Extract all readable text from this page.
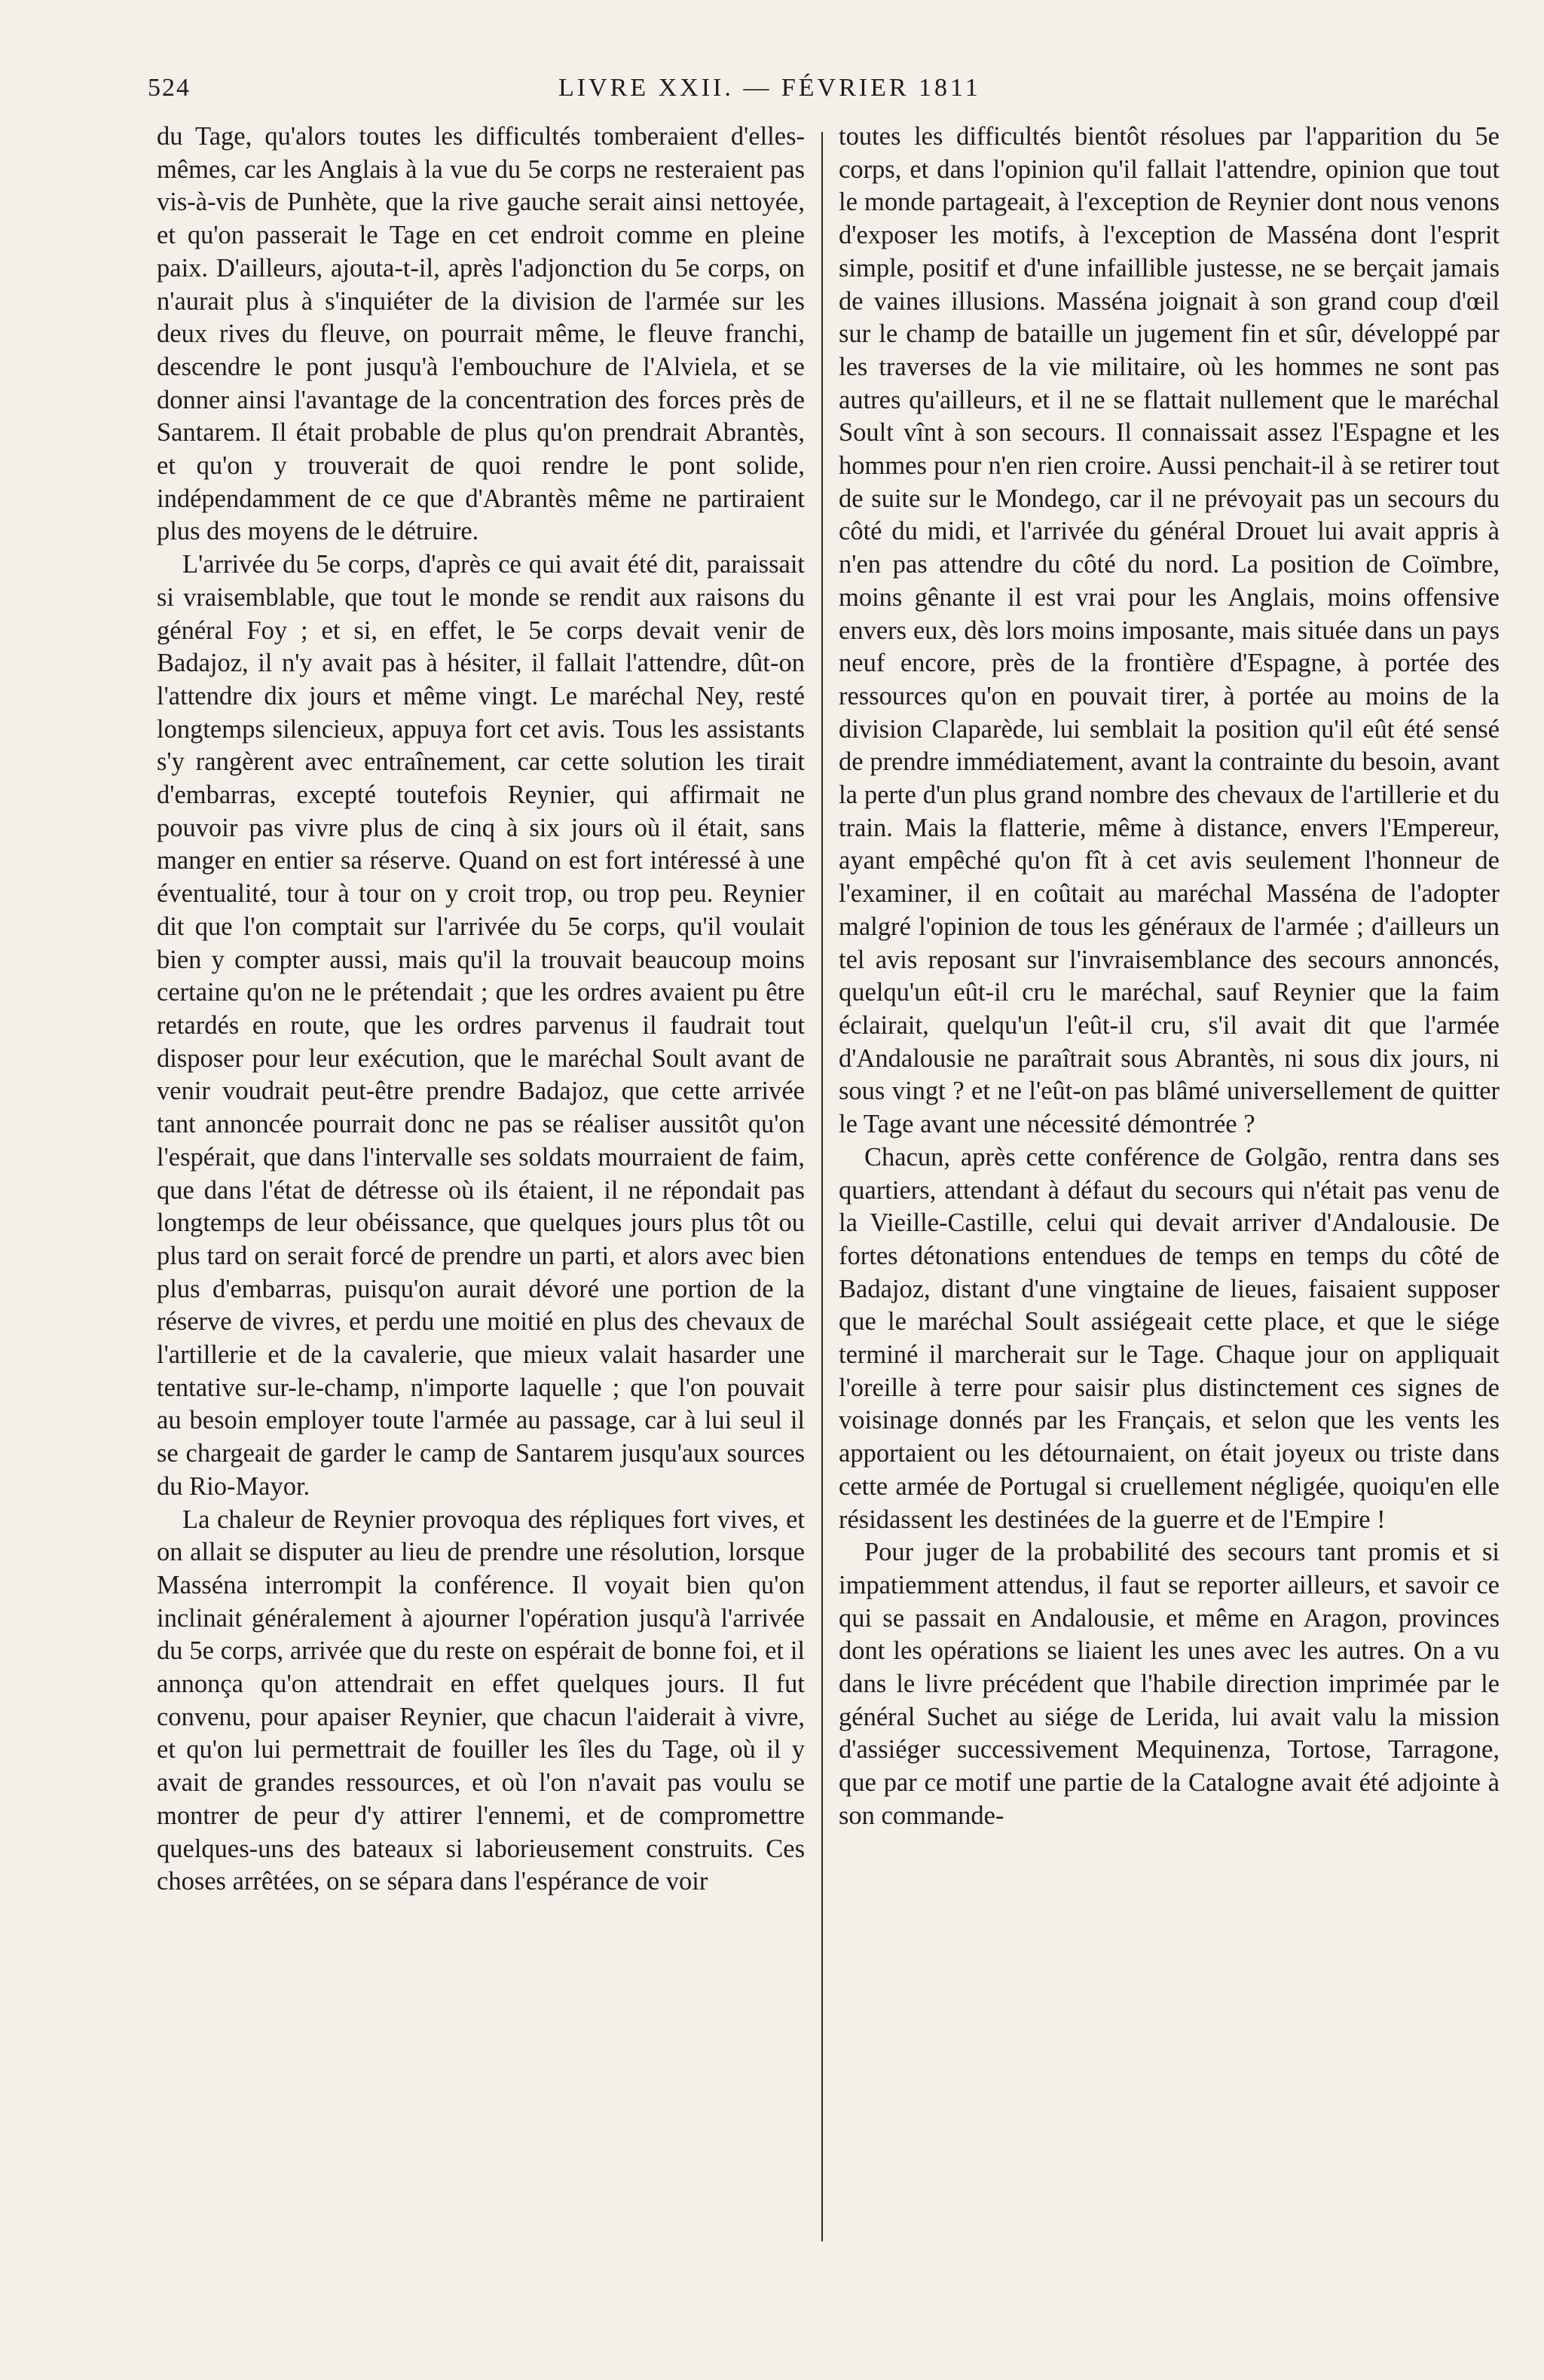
524	LIVRE XXII. — FÉVRIER 1811

du Tage, qu'alors toutes les difficultés tomberaient d'elles-mêmes, car les Anglais à la vue du 5e corps ne resteraient pas vis-à-vis de Punhète, que la rive gauche serait ainsi nettoyée, et qu'on passerait le Tage en cet endroit comme en pleine paix. D'ailleurs, ajouta-t-il, après l'adjonction du 5e corps, on n'aurait plus à s'inquiéter de la division de l'armée sur les deux rives du fleuve, on pourrait même, le fleuve franchi, descendre le pont jusqu'à l'embouchure de l'Alviela, et se donner ainsi l'avantage de la concentration des forces près de Santarem. Il était probable de plus qu'on prendrait Abrantès, et qu'on y trouverait de quoi rendre le pont solide, indépendamment de ce que d'Abrantès même ne partiraient plus des moyens de le détruire.

L'arrivée du 5e corps, d'après ce qui avait été dit, paraissait si vraisemblable, que tout le monde se rendit aux raisons du général Foy ; et si, en effet, le 5e corps devait venir de Badajoz, il n'y avait pas à hésiter, il fallait l'attendre, dût-on l'attendre dix jours et même vingt. Le maréchal Ney, resté longtemps silencieux, appuya fort cet avis. Tous les assistants s'y rangèrent avec entraînement, car cette solution les tirait d'embarras, excepté toutefois Reynier, qui affirmait ne pouvoir pas vivre plus de cinq à six jours où il était, sans manger en entier sa réserve. Quand on est fort intéressé à une éventualité, tour à tour on y croit trop, ou trop peu. Reynier dit que l'on comptait sur l'arrivée du 5e corps, qu'il voulait bien y compter aussi, mais qu'il la trouvait beaucoup moins certaine qu'on ne le prétendait ; que les ordres avaient pu être retardés en route, que les ordres parvenus il faudrait tout disposer pour leur exécution, que le maréchal Soult avant de venir voudrait peut-être prendre Badajoz, que cette arrivée tant annoncée pourrait donc ne pas se réaliser aussitôt qu'on l'espérait, que dans l'intervalle ses soldats mourraient de faim, que dans l'état de détresse où ils étaient, il ne répondait pas longtemps de leur obéissance, que quelques jours plus tôt ou plus tard on serait forcé de prendre un parti, et alors avec bien plus d'embarras, puisqu'on aurait dévoré une portion de la réserve de vivres, et perdu une moitié en plus des chevaux de l'artillerie et de la cavalerie, que mieux valait hasarder une tentative sur-le-champ, n'importe laquelle ; que l'on pouvait au besoin employer toute l'armée au passage, car à lui seul il se chargeait de garder le camp de Santarem jusqu'aux sources du Rio-Mayor.

La chaleur de Reynier provoqua des répliques fort vives, et on allait se disputer au lieu de prendre une résolution, lorsque Masséna interrompit la conférence. Il voyait bien qu'on inclinait généralement à ajourner l'opération jusqu'à l'arrivée du 5e corps, arrivée que du reste on espérait de bonne foi, et il annonça qu'on attendrait en effet quelques jours. Il fut convenu, pour apaiser Reynier, que chacun l'aiderait à vivre, et qu'on lui permettrait de fouiller les îles du Tage, où il y avait de grandes ressources, et où l'on n'avait pas voulu se montrer de peur d'y attirer l'ennemi, et de compromettre quelques-uns des bateaux si laborieusement construits. Ces choses arrêtées, on se sépara dans l'espérance de voir

toutes les difficultés bientôt résolues par l'apparition du 5e corps, et dans l'opinion qu'il fallait l'attendre, opinion que tout le monde partageait, à l'exception de Reynier dont nous venons d'exposer les motifs, à l'exception de Masséna dont l'esprit simple, positif et d'une infaillible justesse, ne se berçait jamais de vaines illusions. Masséna joignait à son grand coup d'œil sur le champ de bataille un jugement fin et sûr, développé par les traverses de la vie militaire, où les hommes ne sont pas autres qu'ailleurs, et il ne se flattait nullement que le maréchal Soult vînt à son secours. Il connaissait assez l'Espagne et les hommes pour n'en rien croire. Aussi penchait-il à se retirer tout de suite sur le Mondego, car il ne prévoyait pas un secours du côté du midi, et l'arrivée du général Drouet lui avait appris à n'en pas attendre du côté du nord. La position de Coïmbre, moins gênante il est vrai pour les Anglais, moins offensive envers eux, dès lors moins imposante, mais située dans un pays neuf encore, près de la frontière d'Espagne, à portée des ressources qu'on en pouvait tirer, à portée au moins de la division Claparède, lui semblait la position qu'il eût été sensé de prendre immédiatement, avant la contrainte du besoin, avant la perte d'un plus grand nombre des chevaux de l'artillerie et du train. Mais la flatterie, même à distance, envers l'Empereur, ayant empêché qu'on fît à cet avis seulement l'honneur de l'examiner, il en coûtait au maréchal Masséna de l'adopter malgré l'opinion de tous les généraux de l'armée ; d'ailleurs un tel avis reposant sur l'invraisemblance des secours annoncés, quelqu'un eût-il cru le maréchal, sauf Reynier que la faim éclairait, quelqu'un l'eût-il cru, s'il avait dit que l'armée d'Andalousie ne paraîtrait sous Abrantès, ni sous dix jours, ni sous vingt ? et ne l'eût-on pas blâmé universellement de quitter le Tage avant une nécessité démontrée ?

Chacun, après cette conférence de Golgão, rentra dans ses quartiers, attendant à défaut du secours qui n'était pas venu de la Vieille-Castille, celui qui devait arriver d'Andalousie. De fortes détonations entendues de temps en temps du côté de Badajoz, distant d'une vingtaine de lieues, faisaient supposer que le maréchal Soult assiégeait cette place, et que le siége terminé il marcherait sur le Tage. Chaque jour on appliquait l'oreille à terre pour saisir plus distinctement ces signes de voisinage donnés par les Français, et selon que les vents les apportaient ou les détournaient, on était joyeux ou triste dans cette armée de Portugal si cruellement négligée, quoiqu'en elle résidassent les destinées de la guerre et de l'Empire !

Pour juger de la probabilité des secours tant promis et si impatiemment attendus, il faut se reporter ailleurs, et savoir ce qui se passait en Andalousie, et même en Aragon, provinces dont les opérations se liaient les unes avec les autres. On a vu dans le livre précédent que l'habile direction imprimée par le général Suchet au siége de Lerida, lui avait valu la mission d'assiéger successivement Mequinenza, Tortose, Tarragone, que par ce motif une partie de la Catalogne avait été adjointe à son commande-
